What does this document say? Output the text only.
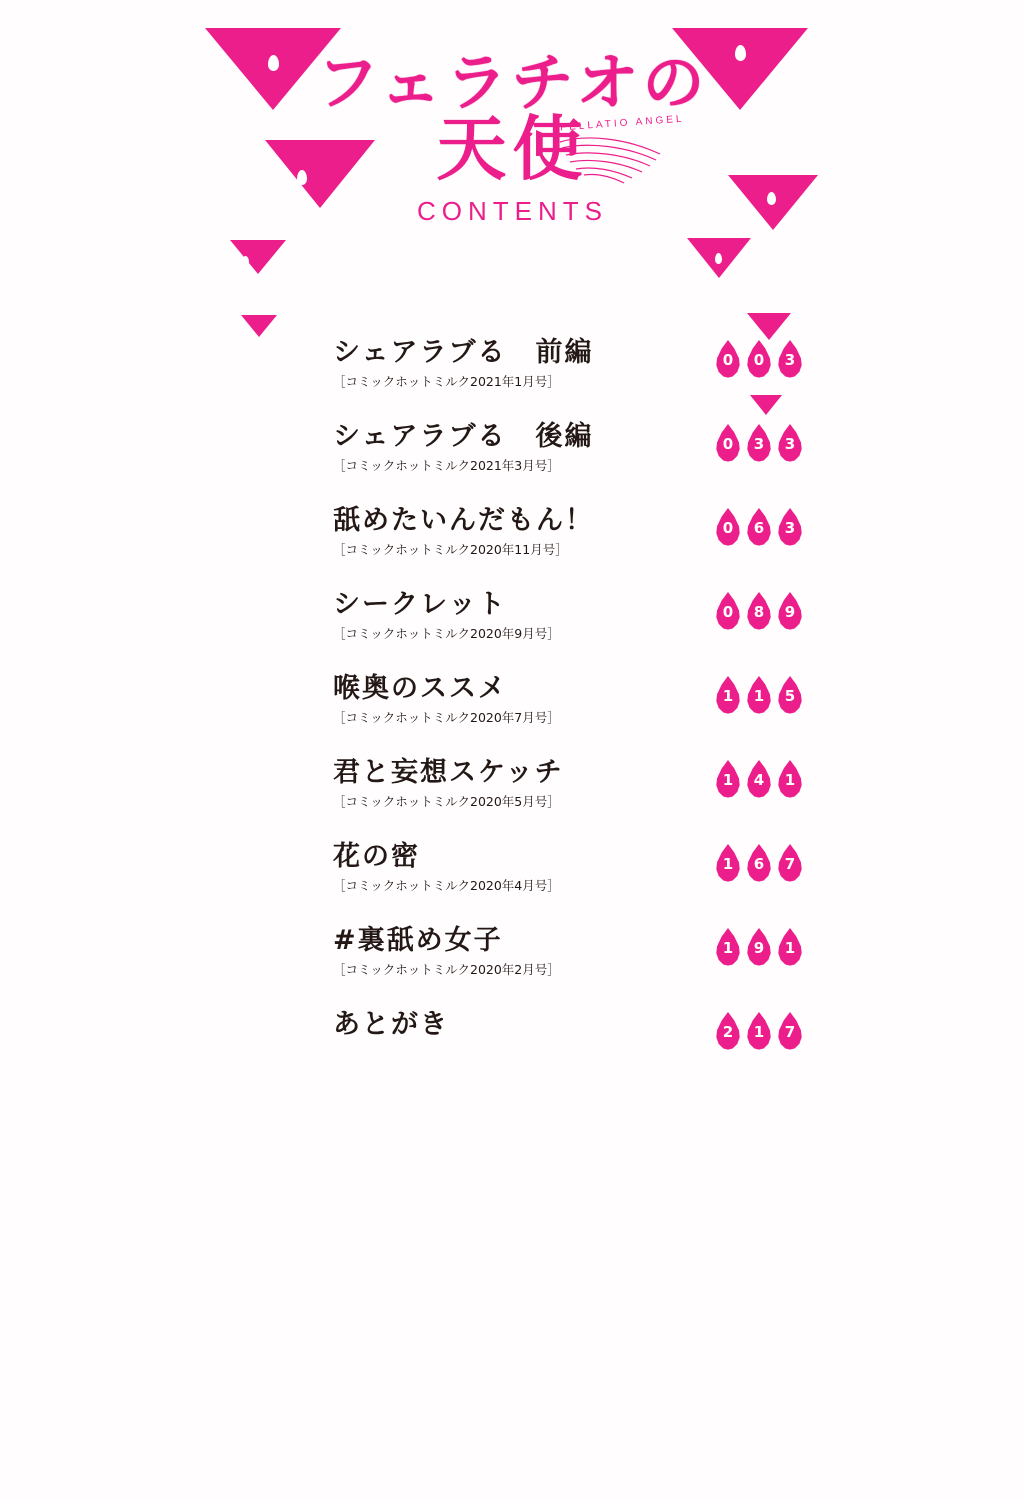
フェラチオの
天使
CONTENTS
FELLATIO ANGEL
シェアラブる　前編
［コミックホットミルク2021年1月号］
0	0	3
シェアラブる　後編
［コミックホットミルク2021年3月号］
0	3	3
舐めたいんだもん！
［コミックホットミルク2020年11月号］
0	6	3
シークレット
［コミックホットミルク2020年9月号］
0	8	9
喉奥のススメ
［コミックホットミルク2020年7月号］
1	1	5
君と妄想スケッチ
［コミックホットミルク2020年5月号］
1	4	1
花の密
［コミックホットミルク2020年4月号］
1	6	7
#裏舐め女子
［コミックホットミルク2020年2月号］
1	9	1
あとがき	2	1	7
